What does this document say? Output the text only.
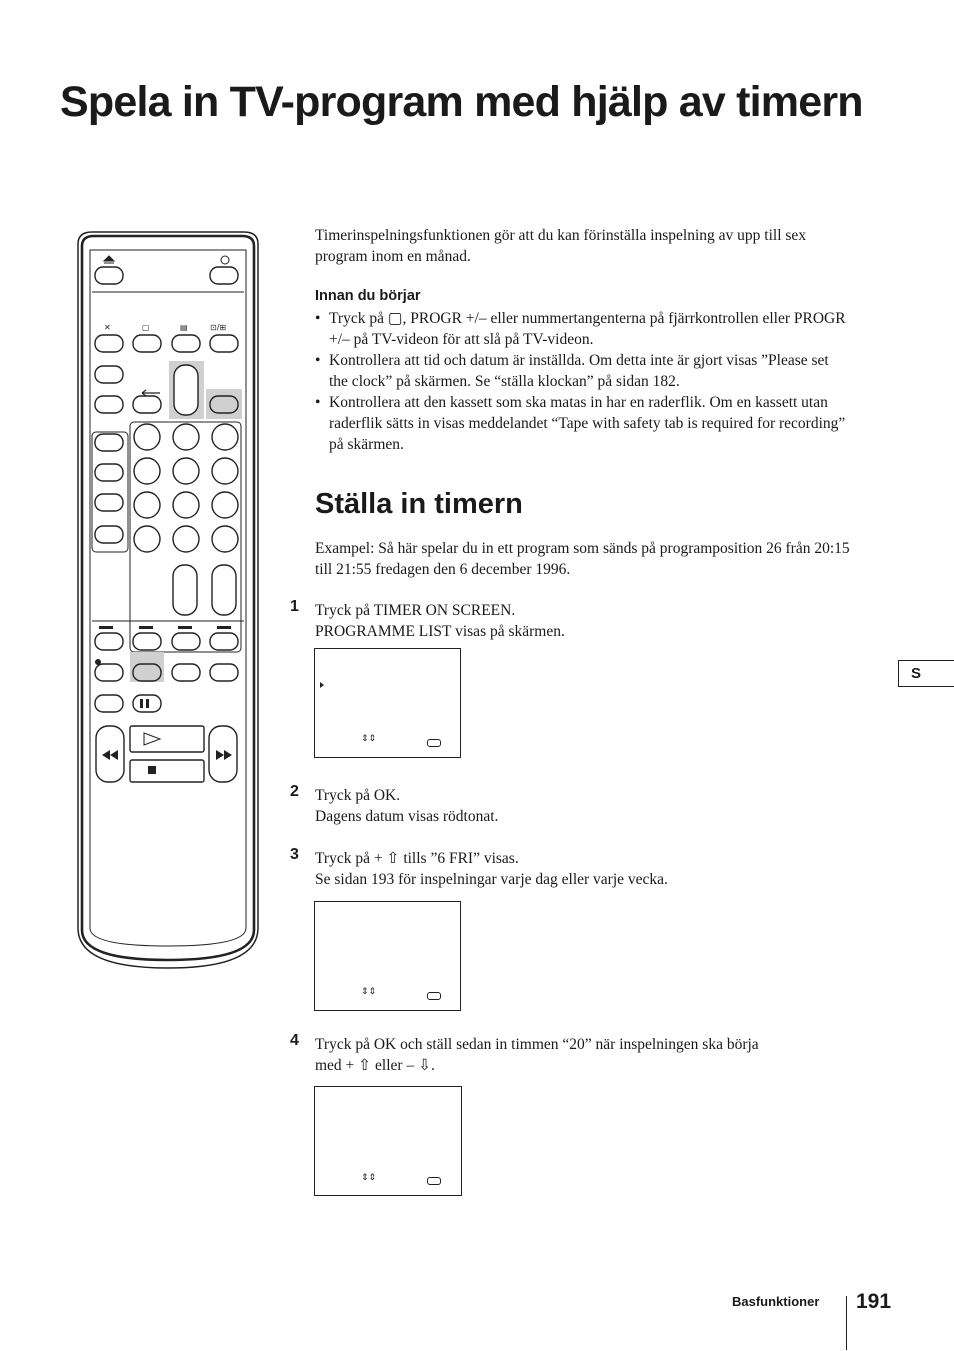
Spela in TV-program med hjälp av timern
✕	▢	▤	⊡/⊞

Timerinspelningsfunktionen gör att du kan förinställa inspelning av upp till sex program inom en månad.

Innan du börjar

• Tryck på ▢, PROGR +/– eller nummertangenterna på fjärrkontrollen eller PROGR +/– på TV-videon för att slå på TV-videon.
• Kontrollera att tid och datum är inställda. Om detta inte är gjort visas ”Please set the clock” på skärmen. Se “ställa klockan” på sidan 182.
• Kontrollera att den kassett som ska matas in har en raderflik. Om en kassett utan raderflik sätts in visas meddelandet “Tape with safety tab is required for recording” på skärmen.
Ställa in timern

Exampel: Så här spelar du in ett program som sänds på programposition 26 från 20:15 till 21:55 fredagen den 6 december 1996.

1 Tryck på TIMER ON SCREEN.
PROGRAMME LIST visas på skärmen.
⇕⇕
2 Tryck på OK.
Dagens datum visas rödtonat.
3 Tryck på + ⇧ tills ”6 FRI” visas.
Se sidan 193 för inspelningar varje dag eller varje vecka.
⇕⇕
4 Tryck på OK och ställ sedan in timmen “20” när inspelningen ska börja
med + ⇧ eller – ⇩.
⇕⇕
S
Basfunktioner 191
